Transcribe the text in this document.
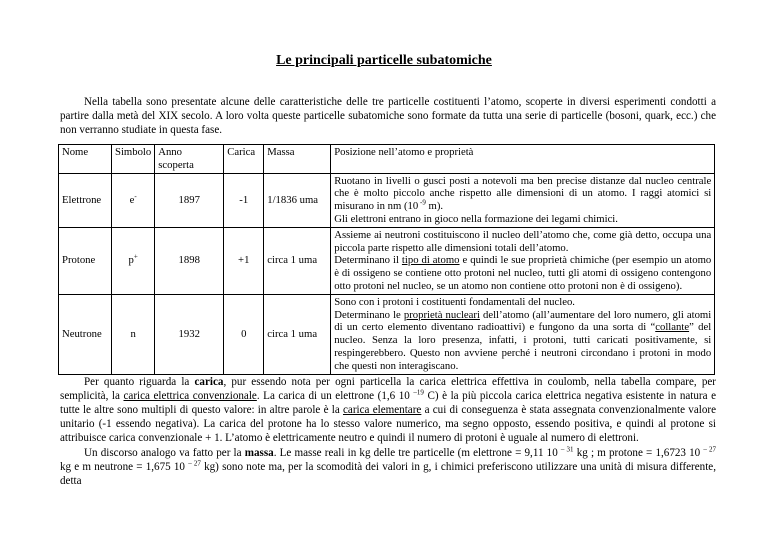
Le principali particelle subatomiche

Nella tabella sono presentate alcune delle caratteristiche delle tre particelle costituenti l’atomo, scoperte in diversi esperimenti condotti a partire dalla metà del XIX secolo. A loro volta queste particelle subatomiche sono formate da tutta una serie di particelle (bosoni, quark, ecc.) che non verranno studiate in questa fase.

Nome	Simbolo	Anno scoperta	Carica	Massa	Posizione nell’atomo e proprietà
Elettrone	e-	1897	-1	1/1836 uma	Ruotano in livelli o gusci posti a notevoli ma ben precise distanze dal nucleo centrale che è molto piccolo anche rispetto alle dimensioni di un atomo. I raggi atomici si misurano in nm (10 $^{-9}$ m).
Gli elettroni entrano in gioco nella formazione dei legami chimici.
Protone	p+	1898	+1	circa 1 uma	Assieme ai neutroni costituiscono il nucleo dell’atomo che, come già detto, occupa una piccola parte rispetto alle dimensioni totali dell’atomo.
Determinano il tipo di atomo e quindi le sue proprietà chimiche (per esempio un atomo è di ossigeno se contiene otto protoni nel nucleo, tutti gli atomi di ossigeno contengono otto protoni nel nucleo, se un atomo non contiene otto protoni non è di ossigeno).
Neutrone	n	1932	0	circa 1 uma	Sono con i protoni i costituenti fondamentali del nucleo.
Determinano le proprietà nucleari dell’atomo (all’aumentare del loro numero, gli atomi di un certo elemento diventano radioattivi) e fungono da una sorta di “collante” del nucleo. Senza la loro presenza, infatti, i protoni, tutti caricati positivamente, si respingerebbero. Questo non avviene perché i neutroni circondano i protoni in modo che questi non interagiscano.

Per quanto riguarda la carica, pur essendo nota per ogni particella la carica elettrica effettiva in coulomb, nella tabella compare, per semplicità, la carica elettrica convenzionale. La carica di un elettrone (1,6 10 $^{-19}$ C) è la più piccola carica elettrica negativa esistente in natura e tutte le altre sono multipli di questo valore: in altre parole è la carica elementare a cui di conseguenza è stata assegnata convenzionalmente valore unitario (-1 essendo negativa). La carica del protone ha lo stesso valore numerico, ma segno opposto, essendo positiva, e quindi al protone si attribuisce carica convenzionale + 1. L’atomo è elettricamente neutro e quindi il numero di protoni è uguale al numero di elettroni.

Un discorso analogo va fatto per la massa. Le masse reali in kg delle tre particelle (m elettrone = 9,11 10 $^{- 31}$ kg ; m protone = 1,6723 10 $^{- 27}$ kg e m neutrone = 1,675 10 $^{- 27}$ kg) sono note ma, per la scomodità dei valori in g, i chimici preferiscono utilizzare una unità di misura differente, detta
